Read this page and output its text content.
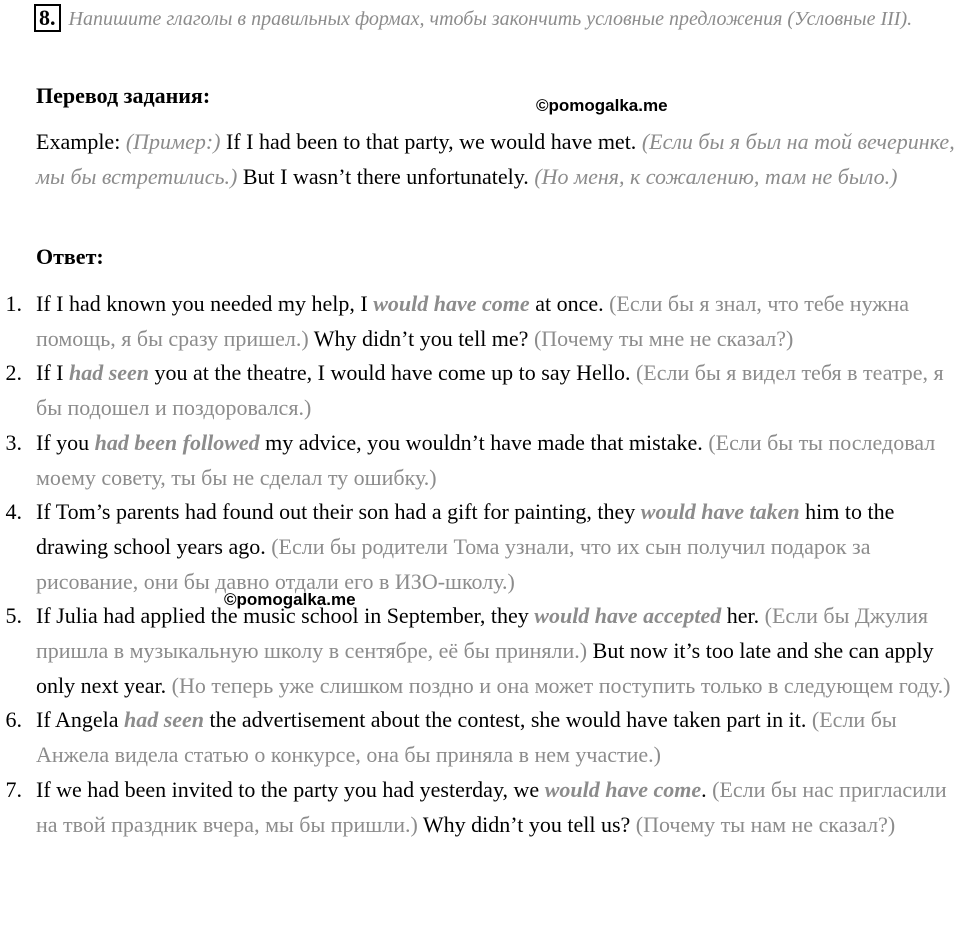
8. Напишите глаголы в правильных формах, чтобы закончить условные предложения (Условные III).
Перевод задания:	©pomogalka.me
Example: (Пример:) If I had been to that party, we would have met. (Если бы я был на той вечеринке, мы бы встретились.) But I wasn’t there unfortunately. (Но меня, к сожалению, там не было.)
Ответ:
1. If I had known you needed my help, I would have come at once. (Если бы я знал, что тебе нужна помощь, я бы сразу пришел.) Why didn’t you tell me? (Почему ты мне не сказал?)
2. If I had seen you at the theatre, I would have come up to say Hello. (Если бы я видел тебя в театре, я бы подошел и поздоровался.)
3. If you had been followed my advice, you wouldn’t have made that mistake. (Если бы ты последовал моему совету, ты бы не сделал ту ошибку.)
4. If Tom’s parents had found out their son had a gift for painting, they would have taken him to the drawing school years ago. (Если бы родители Тома узнали, что их сын получил подарок за рисование, они бы давно отдали его в ИЗО-школу.)
5. If Julia had applied the music school in September, they would have accepted her. (Если бы Джулия пришла в музыкальную школу в сентябре, её бы приняли.) But now it’s too late and she can apply only next year. (Но теперь уже слишком поздно и она может поступить только в следующем году.)
6. If Angela had seen the advertisement about the contest, she would have taken part in it. (Если бы Анжела видела статью о конкурсе, она бы приняла в нем участие.)
7. If we had been invited to the party you had yesterday, we would have come. (Если бы нас пригласили на твой праздник вчера, мы бы пришли.) Why didn’t you tell us? (Почему ты нам не сказал?)
©pomogalka.me
